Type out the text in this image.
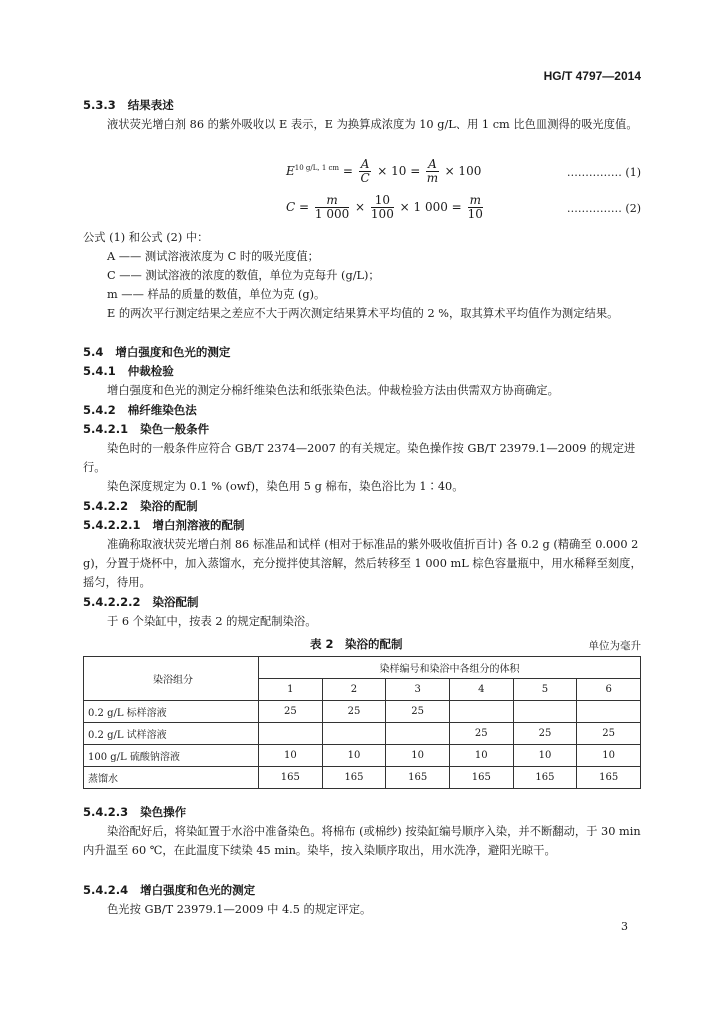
HG/T 4797—2014
5.3.3 结果表述
液状荧光增白剂 86 的紫外吸收以 E 表示，E 为换算成浓度为 10 g/L、用 1 cm 比色皿测得的吸光度值。
$E^{10 g/L, 1 cm} = \frac{A}{C} \times 10 = \frac{A}{m} \times 100$	…………… (1)
$C = \frac{m}{1 000} \times \frac{10}{100} \times 1$ $000 = \frac{m}{10}$	…………… (2)
公式 (1) 和公式 (2) 中：
A —— 测试溶液浓度为 C 时的吸光度值；
C —— 测试溶液的浓度的数值，单位为克每升 (g/L)；
m —— 样品的质量的数值，单位为克 (g)。
E 的两次平行测定结果之差应不大于两次测定结果算术平均值的 2 %，取其算术平均值作为测定结果。
5.4 增白强度和色光的测定
5.4.1 仲裁检验
增白强度和色光的测定分棉纤维染色法和纸张染色法。仲裁检验方法由供需双方协商确定。
5.4.2 棉纤维染色法
5.4.2.1 染色一般条件
染色时的一般条件应符合 GB/T 2374—2007 的有关规定。染色操作按 GB/T 23979.1—2009 的规定进行。
染色深度规定为 0.1 % (owf)，染色用 5 g 棉布，染色浴比为 1∶40。
5.4.2.2 染浴的配制
5.4.2.2.1 增白剂溶液的配制
准确称取液状荧光增白剂 86 标准品和试样 (相对于标准品的紫外吸收值折百计) 各 0.2 g (精确至 0.000 2 g)，分置于烧杯中，加入蒸馏水，充分搅拌使其溶解，然后转移至 1 000 mL 棕色容量瓶中，用水稀释至刻度，摇匀，待用。
5.4.2.2.2 染浴配制
于 6 个染缸中，按表 2 的规定配制染浴。
表 2　染浴的配制	单位为毫升
染浴组分	染样编号和染浴中各组分的体积					
	1	2	3	4	5	6
0.2 g/L 标样溶液	25	25	25			
0.2 g/L 试样溶液				25	25	25
100 g/L 硫酸钠溶液	10	10	10	10	10	10
蒸馏水	165	165	165	165	165	165
5.4.2.3 染色操作
染浴配好后，将染缸置于水浴中准备染色。将棉布 (或棉纱) 按染缸编号顺序入染，并不断翻动，于 30 min 内升温至 60 ℃，在此温度下续染 45 min。染毕，按入染顺序取出，用水洗净，避阳光晾干。
5.4.2.4 增白强度和色光的测定
色光按 GB/T 23979.1—2009 中 4.5 的规定评定。
3
